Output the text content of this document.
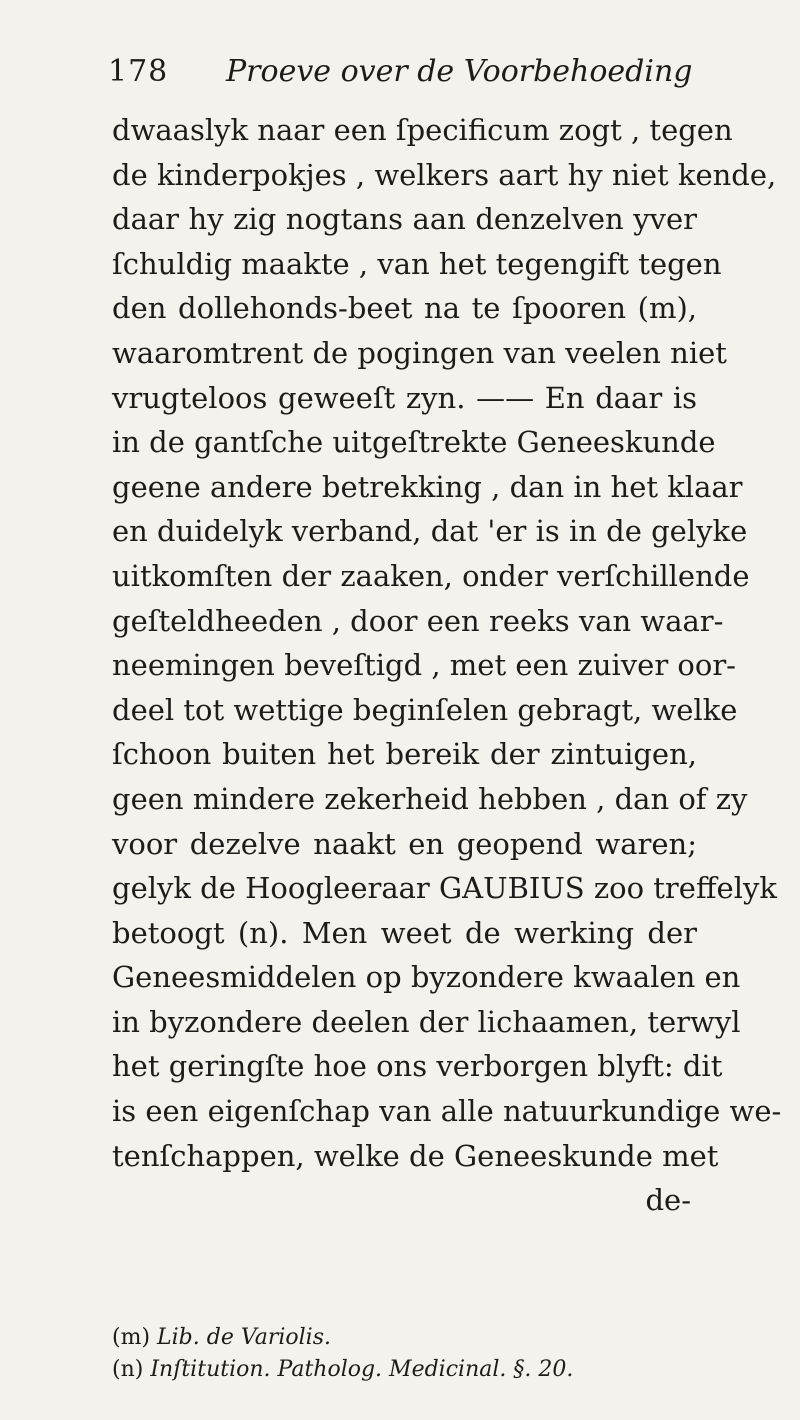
178 Proeve over de Voorbehoeding
dwaaslyk naar een ſpecificum zogt , tegen
de kinderpokjes , welkers aart hy niet kende,
daar hy zig nogtans aan denzelven yver
ſchuldig maakte , van het tegengift tegen
den dollehonds-beet na te ſpooren (m),
waaromtrent de pogingen van veelen niet
vrugteloos geweeſt zyn. —— En daar is
in de gantſche uitgeſtrekte Geneeskunde
geene andere betrekking , dan in het klaar
en duidelyk verband, dat 'er is in de gelyke
uitkomſten der zaaken, onder verſchillende
geſteldheeden , door een reeks van waar-
neemingen beveſtigd , met een zuiver oor-
deel tot wettige beginſelen gebragt, welke
ſchoon buiten het bereik der zintuigen,
geen mindere zekerheid hebben , dan of zy
voor dezelve naakt en geopend waren;
gelyk de Hoogleeraar GAUBIUS zoo treffelyk
betoogt (n). Men weet de werking der
Geneesmiddelen op byzondere kwaalen en
in byzondere deelen der lichaamen, terwyl
het geringſte hoe ons verborgen blyft: dit
is een eigenſchap van alle natuurkundige we-
tenſchappen, welke de Geneeskunde met
de-
(m) Lib. de Variolis.
(n) Inſtitution. Patholog. Medicinal. §. 20.
